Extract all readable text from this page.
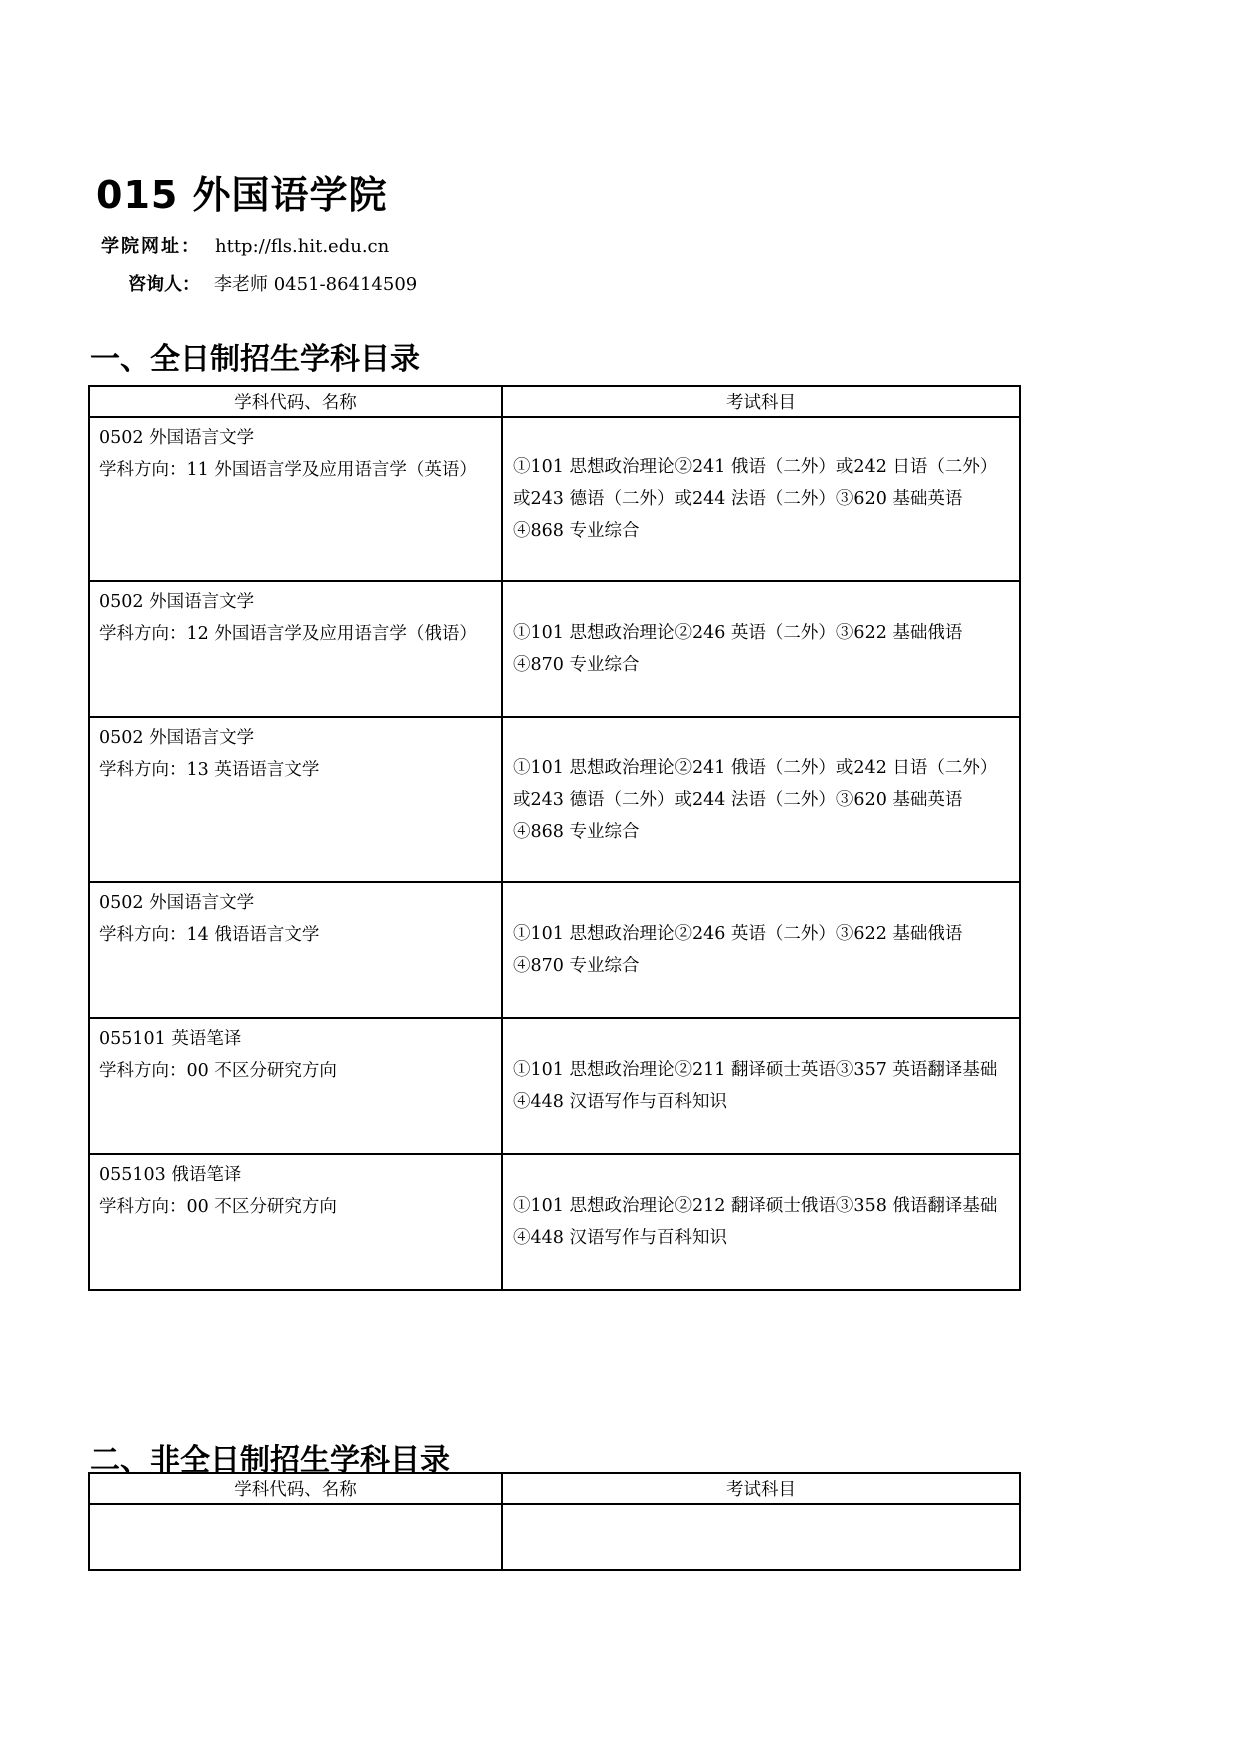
015 外国语学院
学院网址： http://fls.hit.edu.cn
咨询人： 李老师 0451-86414509
一、全日制招生学科目录
学科代码、名称	考试科目

0502 外国语言文学
学科方向：11 外国语言学及应用语言学（英语）	①101 思想政治理论②241 俄语（二外）或242 日语（二外）或243 德语（二外）或244 法语（二外）③620 基础英语④868 专业综合

0502 外国语言文学
学科方向：12 外国语言学及应用语言学（俄语）	①101 思想政治理论②246 英语（二外）③622 基础俄语④870 专业综合

0502 外国语言文学
学科方向：13 英语语言文学	①101 思想政治理论②241 俄语（二外）或242 日语（二外）或243 德语（二外）或244 法语（二外）③620 基础英语④868 专业综合

0502 外国语言文学
学科方向：14 俄语语言文学	①101 思想政治理论②246 英语（二外）③622 基础俄语④870 专业综合

055101 英语笔译
学科方向：00 不区分研究方向	①101 思想政治理论②211 翻译硕士英语③357 英语翻译基础④448 汉语写作与百科知识

055103 俄语笔译
学科方向：00 不区分研究方向	①101 思想政治理论②212 翻译硕士俄语③358 俄语翻译基础④448 汉语写作与百科知识
二、非全日制招生学科目录
学科代码、名称	考试科目
